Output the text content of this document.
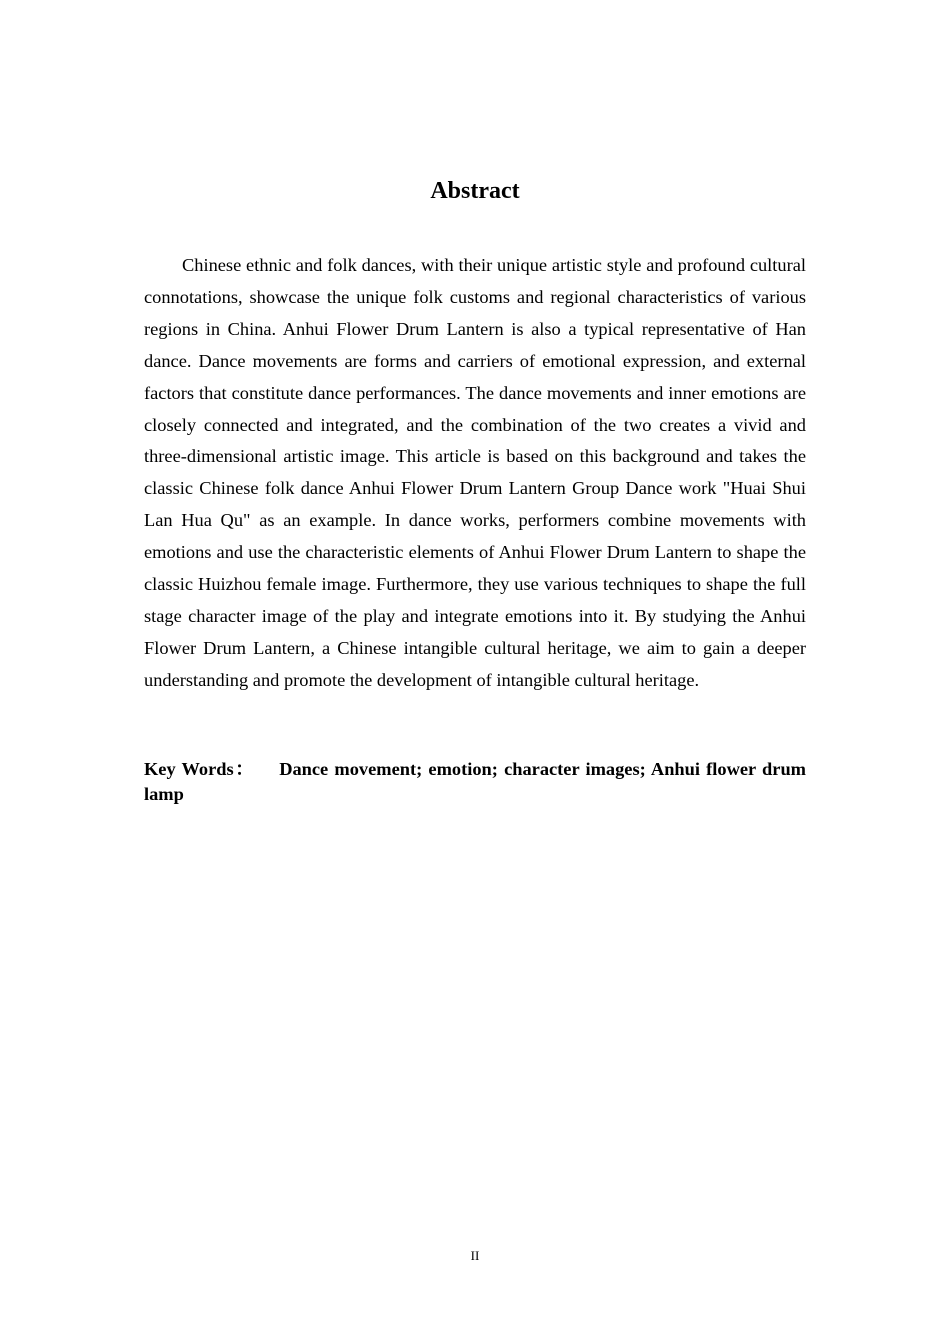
Abstract

Chinese ethnic and folk dances, with their unique artistic style and profound cultural connotations, showcase the unique folk customs and regional characteristics of various regions in China. Anhui Flower Drum Lantern is also a typical representative of Han dance. Dance movements are forms and carriers of emotional expression, and external factors that constitute dance performances. The dance movements and inner emotions are closely connected and integrated, and the combination of the two creates a vivid and three-dimensional artistic image. This article is based on this background and takes the classic Chinese folk dance Anhui Flower Drum Lantern Group Dance work "Huai Shui Lan Hua Qu" as an example. In dance works, performers combine movements with emotions and use the characteristic elements of Anhui Flower Drum Lantern to shape the classic Huizhou female image. Furthermore, they use various techniques to shape the full stage character image of the play and integrate emotions into it. By studying the Anhui Flower Drum Lantern, a Chinese intangible cultural heritage, we aim to gain a deeper understanding and promote the development of intangible cultural heritage.

Key Words： Dance movement; emotion; character images; Anhui flower drum lamp

II
